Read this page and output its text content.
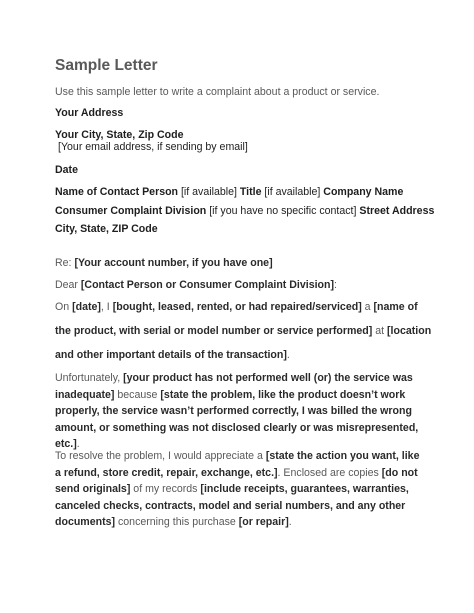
Sample Letter
Use this sample letter to write a complaint about a product or service.
Your Address
Your City, State, Zip Code
[Your email address, if sending by email]
Date
Name of Contact Person [if available] Title [if available] Company Name
Consumer Complaint Division [if you have no specific contact] Street Address
City, State, ZIP Code
Re: [Your account number, if you have one]
Dear [Contact Person or Consumer Complaint Division]:
On [date], I [bought, leased, rented, or had repaired/serviced] a [name of
the product, with serial or model number or service performed] at [location
and other important details of the transaction].
Unfortunately, [your product has not performed well (or) the service was inadequate] because [state the problem, like the product doesn’t work properly, the service wasn’t performed correctly, I was billed the wrong amount, or something was not disclosed clearly or was misrepresented, etc.].
To resolve the problem, I would appreciate a [state the action you want, like a refund, store credit, repair, exchange, etc.]. Enclosed are copies [do not send originals] of my records [include receipts, guarantees, warranties, canceled checks, contracts, model and serial numbers, and any other documents] concerning this purchase [or repair].
